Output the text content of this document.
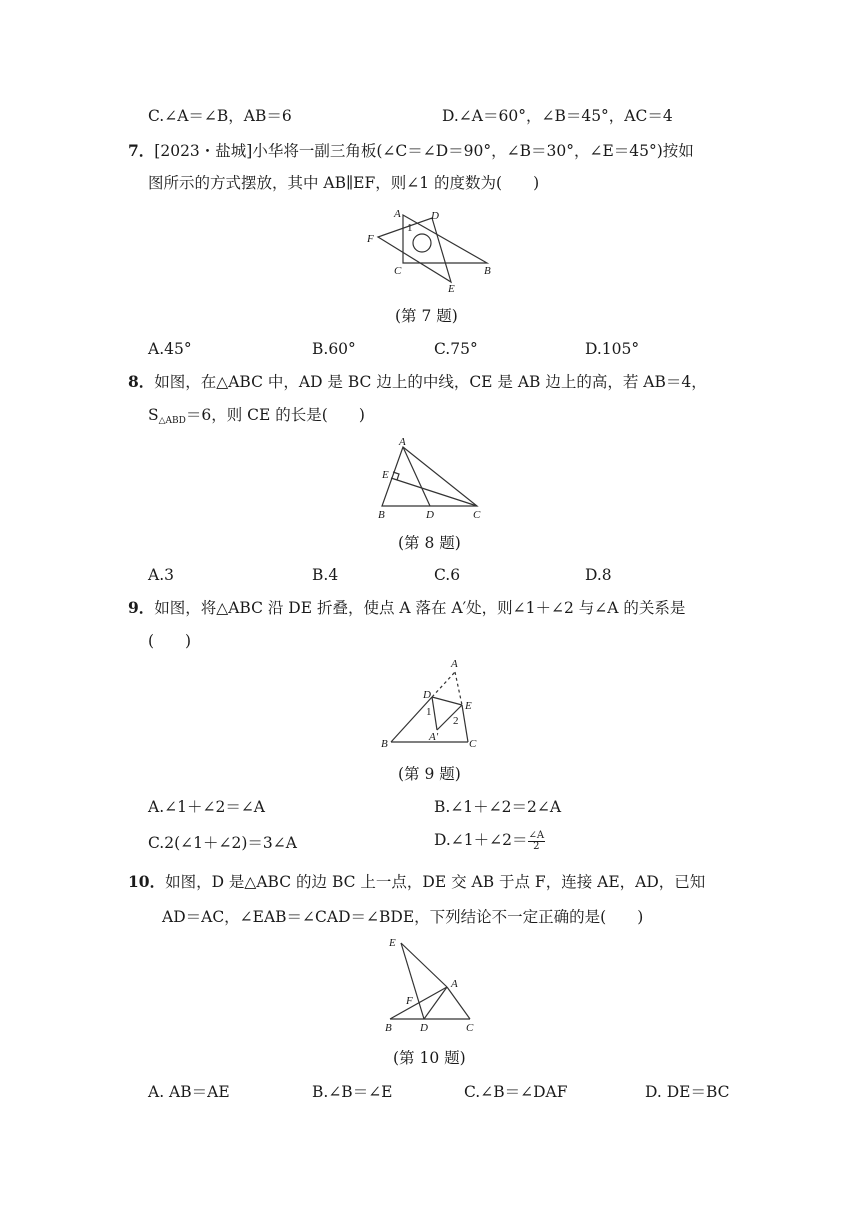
C.∠A＝∠B，AB＝6	D.∠A＝60°，∠B＝45°，AC＝4
7．[2023・盐城]小华将一副三角板(∠C＝∠D＝90°，∠B＝30°，∠E＝45°)按如
图所示的方式摆放，其中 AB∥EF，则∠1 的度数为(　　)
A	D
F
C	B
E
1
(第 7 题)
A.45°	B.60°	C.75°	D.105°
8．如图，在△ABC 中，AD 是 BC 边上的中线，CE 是 AB 边上的高，若 AB＝4，
$S_{\triangle ABD}=6$，则 CE 的长是(　　)
A
E
B	D	C
(第 8 题)
A.3	B.4	C.6	D.8
9．如图，将△ABC 沿 DE 折叠，使点 A 落在 A′处，则∠1＋∠2 与∠A 的关系是
(　　)
A
D
E
B
A′
C
1
2
(第 9 题)
A.∠1＋∠2＝∠A	B.∠1＋∠2＝2∠A
C.2(∠1＋∠2)＝3∠A	D.∠1＋∠2＝ $\frac{\angle A}{2}$
10．如图，D 是△ABC 的边 BC 上一点，DE 交 AB 于点 F，连接 AE，AD，已知
AD＝AC，∠EAB＝∠CAD＝∠BDE，下列结论不一定正确的是(　　)
E
A
F
B	D	C
(第 10 题)
A. AB＝AE	B.∠B＝∠E	C.∠B＝∠DAF	D. DE＝BC
